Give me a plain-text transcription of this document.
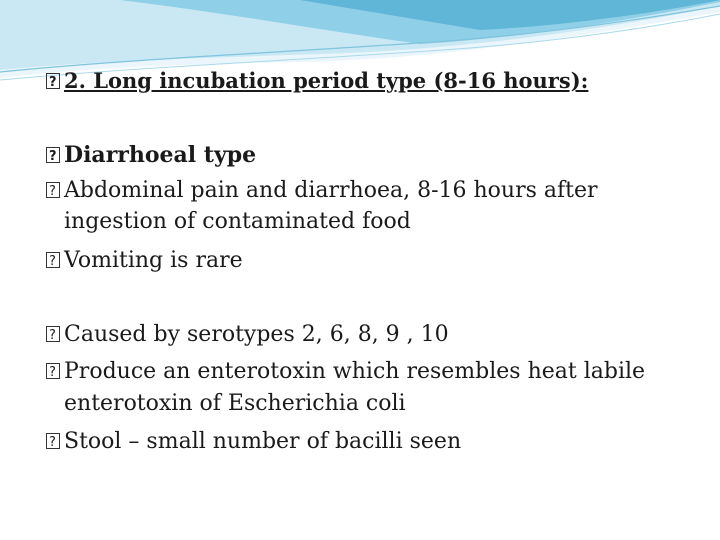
?2. Long incubation period type (8-16 hours):
?Diarrhoeal type
?Abdominal pain and diarrhoea, 8-16 hours after
ingestion of contaminated food
?Vomiting is rare
?Caused by serotypes 2, 6, 8, 9 , 10
?Produce an enterotoxin which resembles heat labile
enterotoxin of Escherichia coli
?Stool – small number of bacilli seen
